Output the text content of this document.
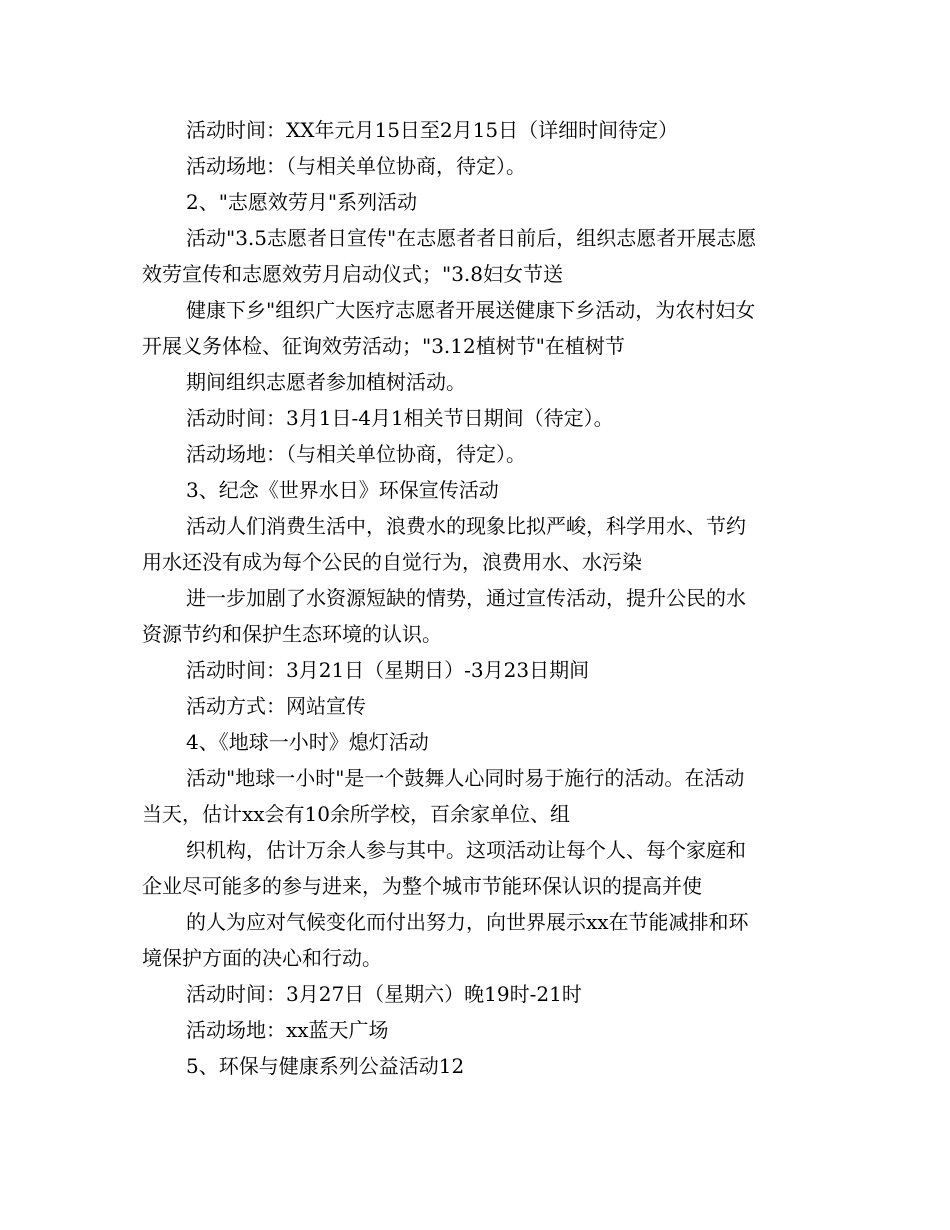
活动时间：XX年元月15日至2月15日（详细时间待定）

活动场地：（与相关单位协商，待定）。

2、"志愿效劳月"系列活动

活动"3.5志愿者日宣传"在志愿者者日前后，组织志愿者开展志愿

效劳宣传和志愿效劳月启动仪式；"3.8妇女节送

健康下乡"组织广大医疗志愿者开展送健康下乡活动，为农村妇女

开展义务体检、征询效劳活动；"3.12植树节"在植树节

期间组织志愿者参加植树活动。

活动时间：3月1日-4月1相关节日期间（待定）。

活动场地：（与相关单位协商，待定）。

3、纪念《世界水日》环保宣传活动

活动人们消费生活中，浪费水的现象比拟严峻，科学用水、节约

用水还没有成为每个公民的自觉行为，浪费用水、水污染

进一步加剧了水资源短缺的情势，通过宣传活动，提升公民的水

资源节约和保护生态环境的认识。

活动时间：3月21日（星期日）-3月23日期间

活动方式：网站宣传

4、《地球一小时》熄灯活动

活动"地球一小时"是一个鼓舞人心同时易于施行的活动。在活动

当天，估计xx会有10余所学校，百余家单位、组

织机构，估计万余人参与其中。这项活动让每个人、每个家庭和

企业尽可能多的参与进来，为整个城市节能环保认识的提高并使

的人为应对气候变化而付出努力，向世界展示xx在节能减排和环

境保护方面的决心和行动。

活动时间：3月27日（星期六）晚19时-21时

活动场地：xx蓝天广场

5、环保与健康系列公益活动12
